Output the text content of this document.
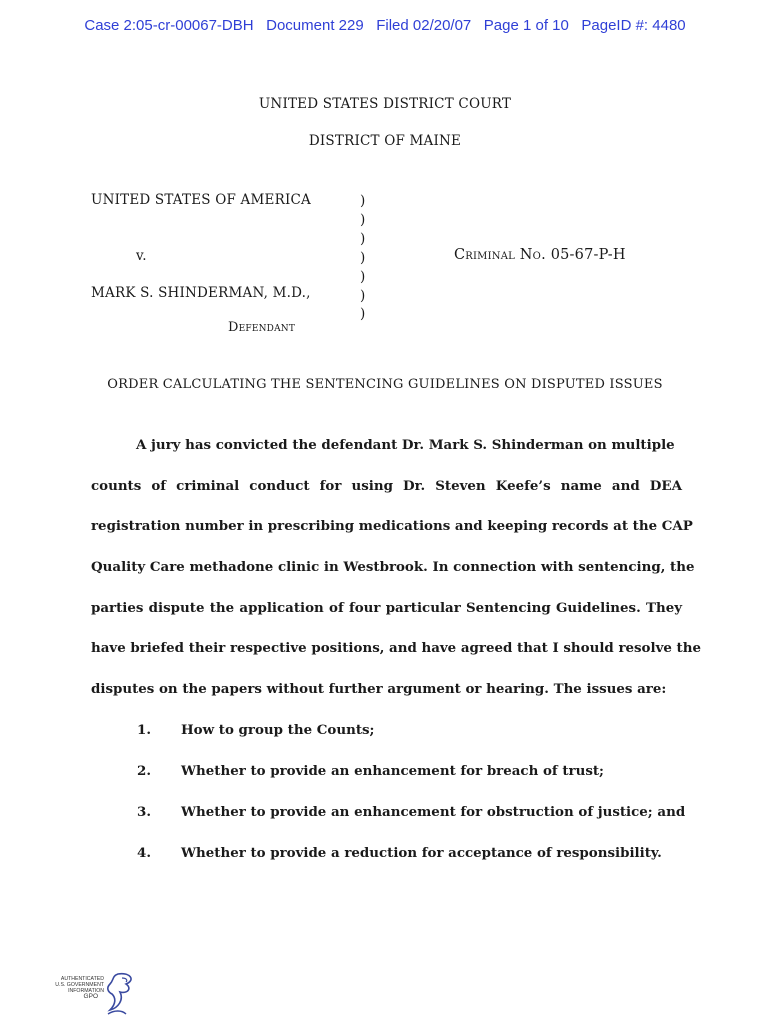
Case 2:05-cr-00067-DBH Document 229 Filed 02/20/07 Page 1 of 10 PageID #: 4480
UNITED STATES DISTRICT COURT
DISTRICT OF MAINE
UNITED STATES OF AMERICA
v.
MARK S. SHINDERMAN, M.D.,
Defendant
Criminal No. 05-67-P-H
)
)
)
)
)
)
)
ORDER CALCULATING THE SENTENCING GUIDELINES ON DISPUTED ISSUES
A jury has convicted the defendant Dr. Mark S. Shinderman on multiple
counts of criminal conduct for using Dr. Steven Keefe’s name and DEA
registration number in prescribing medications and keeping records at the CAP
Quality Care methadone clinic in Westbrook. In connection with sentencing, the
parties dispute the application of four particular Sentencing Guidelines. They
have briefed their respective positions, and have agreed that I should resolve the
disputes on the papers without further argument or hearing. The issues are:
1. How to group the Counts;
2. Whether to provide an enhancement for breach of trust;
3. Whether to provide an enhancement for obstruction of justice; and
4. Whether to provide a reduction for acceptance of responsibility.
AUTHENTICATED
U.S. GOVERNMENT
INFORMATION
GPO
